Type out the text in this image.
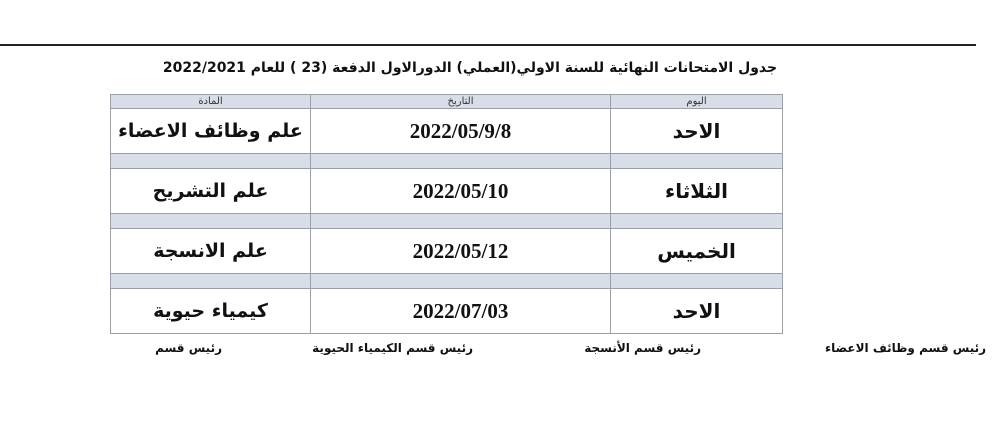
جدول الامتحانات النهائية للسنة الاولي(العملي) الدورالاول الدفعة (23 ) للعام 2022/2021
اليوم	التاريخ	المادة
الاحد	2022/05/9/8	علم وظائف الاعضاء

الثلاثاء	2022/05/10	علم التشريح

الخميس	2022/05/12	علم الانسجة

الاحد	2022/07/03	كيمياء حيوية
رئيس قسم وظائف الاعضاء
رئيس قسم الأنسجة
رئيس قسم الكيمياء الحيوية
رئيس قسم
